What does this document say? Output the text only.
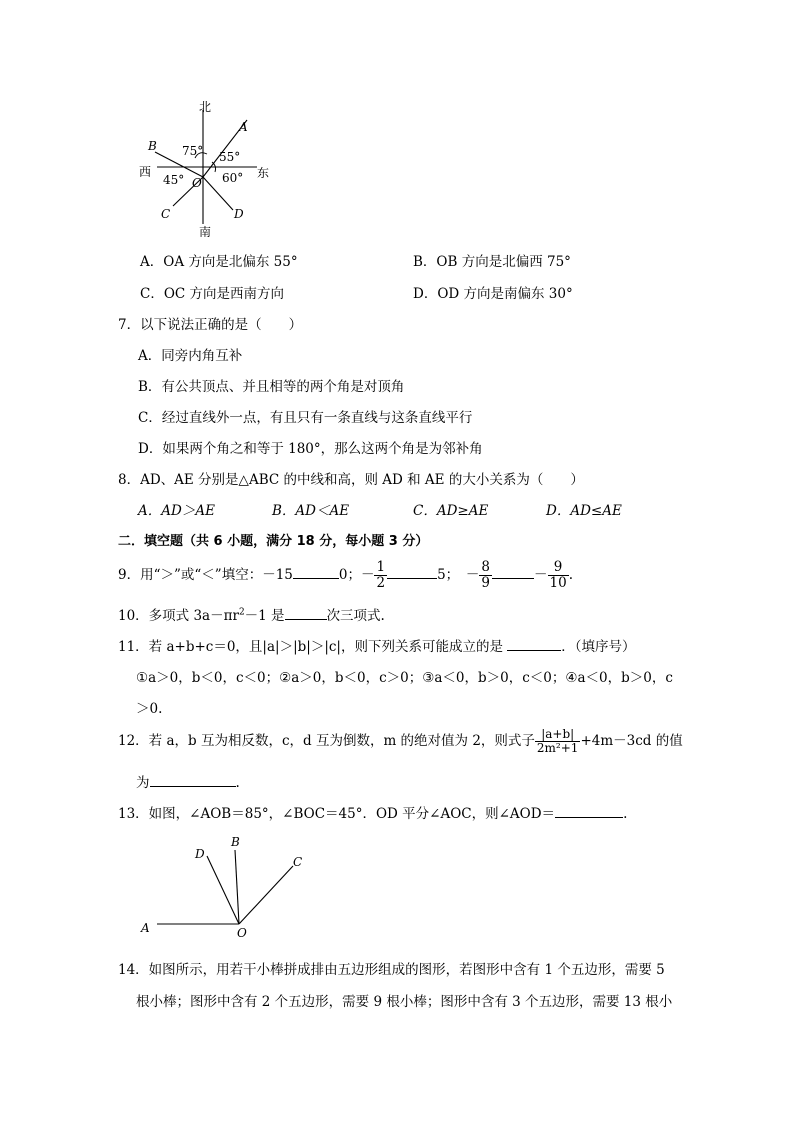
北
南
西	东
A
B
C	D
O
75° 55°
45°	60°
A．OA 方向是北偏东 55°	B．OB 方向是北偏西 75°
C．OC 方向是西南方向	D．OD 方向是南偏东 30°
7．以下说法正确的是（　　）
A．同旁内角互补
B．有公共顶点、并且相等的两个角是对顶角
C．经过直线外一点，有且只有一条直线与这条直线平行
D．如果两个角之和等于 180°，那么这两个角是为邻补角
8．AD、AE 分别是△ABC 的中线和高，则 AD 和 AE 的大小关系为（　　）
A．AD＞AE	B．AD＜AE	C．AD≥AE	D．AD≤AE
二．填空题（共 6 小题，满分 18 分，每小题 3 分）
9．用“＞”或“＜”填空：－15	0；－ $\frac{1}{2}$	5；　－ $\frac{8}{9}$	－ $\frac{9}{10}$ .
10．多项式 $3a-\pi r^2-1$ 是	次三项式.
11．若 a+b+c＝0，且|a|＞|b|＞|c|，则下列关系可能成立的是	．（填序号）
①a＞0，b＜0，c＜0；②a＞0，b＜0，c＞0；③a＜0，b＞0，c＜0；④a＜0，b＞0，c
＞0.
12．若 a，b 互为相反数，c，d 互为倒数，m 的绝对值为 2，则式子 $\frac{|a+b|}{\text{2m²+1}} +4m-3cd$ 的值
为	.
13．如图，∠AOB＝85°，∠BOC＝45°．OD 平分∠AOC，则∠AOD＝	.
A	O
D
B
C
14．如图所示，用若干小棒拼成排由五边形组成的图形，若图形中含有 1 个五边形，需要 5
根小棒；图形中含有 2 个五边形，需要 9 根小棒；图形中含有 3 个五边形，需要 13 根小
